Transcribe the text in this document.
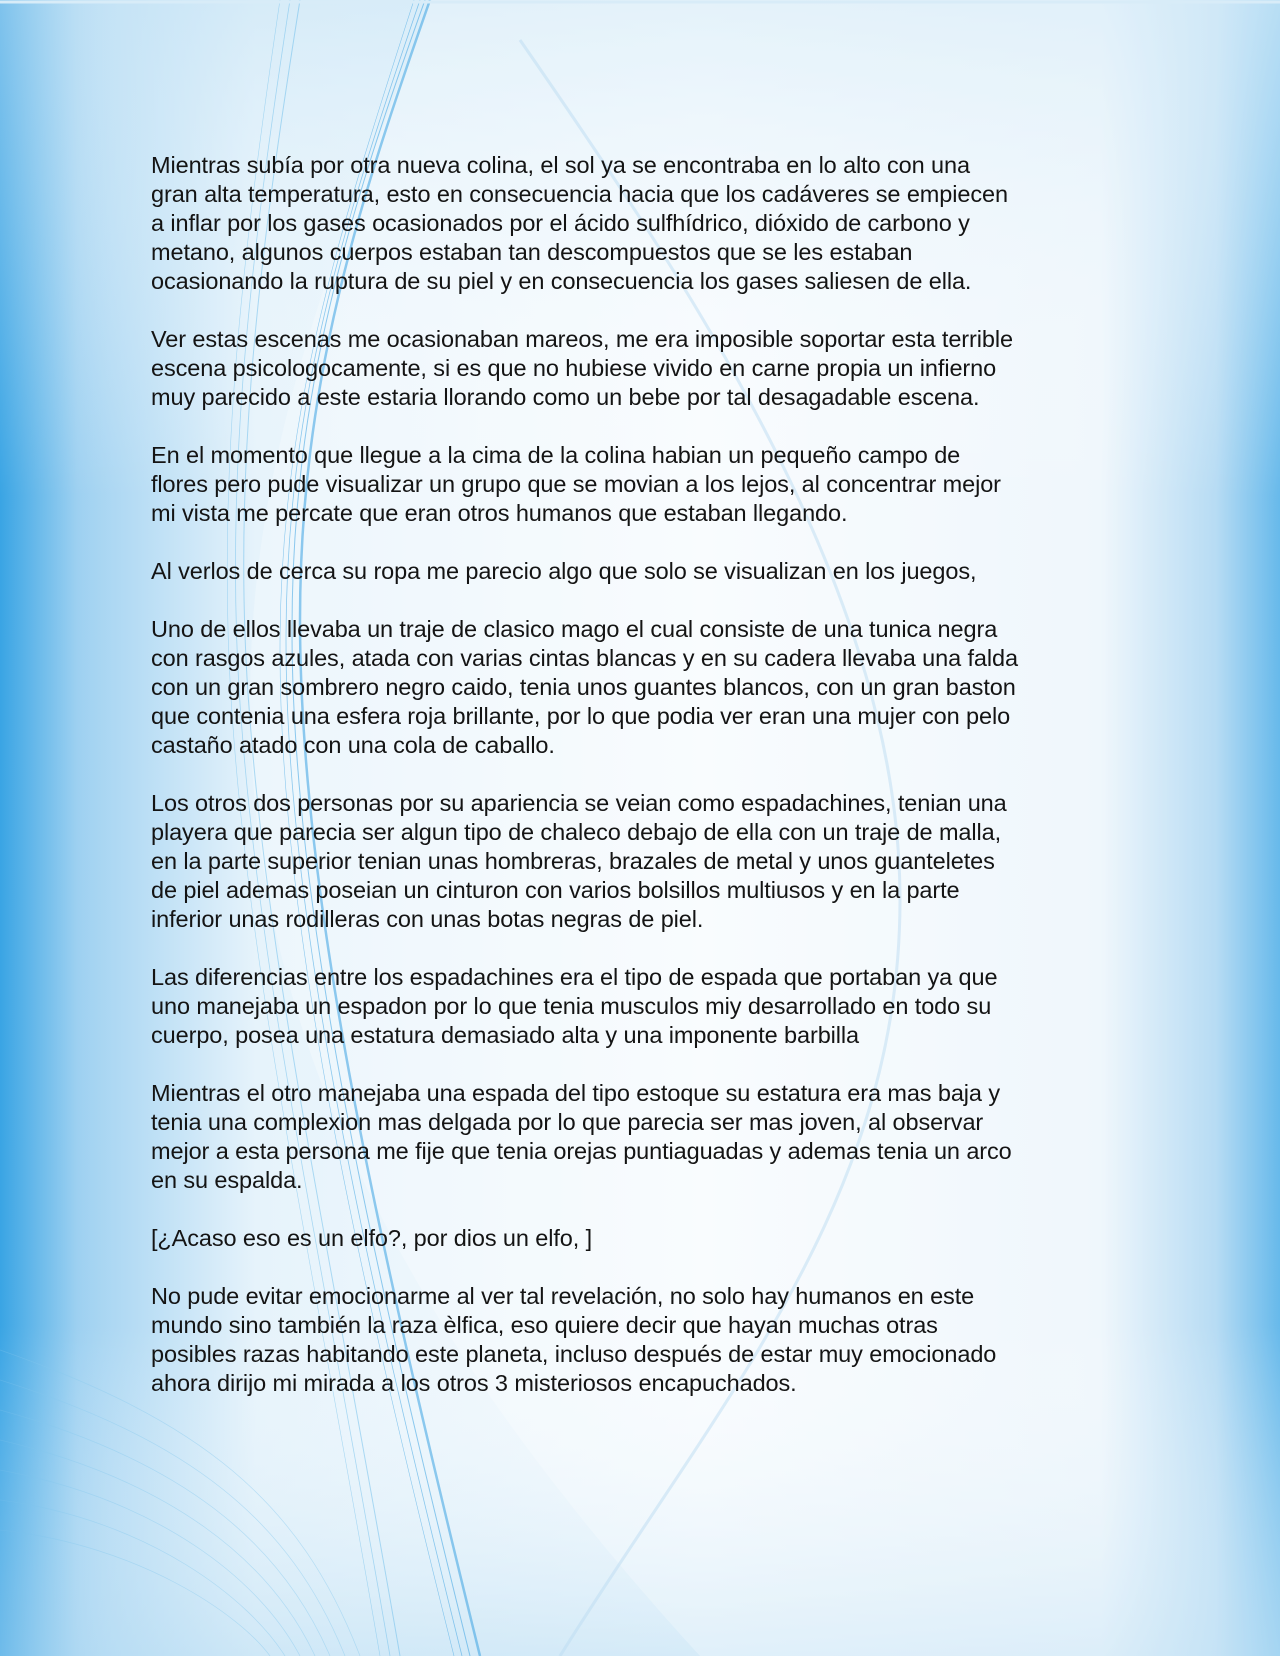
Mientras subía por otra nueva colina, el sol ya se encontraba en lo alto con una
gran alta temperatura, esto en consecuencia hacia que los cadáveres se empiecen
a inflar por los gases ocasionados por el ácido sulfhídrico, dióxido de carbono y
metano, algunos cuerpos estaban tan descompuestos que se les estaban
ocasionando la ruptura de su piel y en consecuencia los gases saliesen de ella.

Ver estas escenas me ocasionaban mareos, me era imposible soportar esta terrible
escena psicologocamente, si es que no hubiese vivido en carne propia un infierno
muy parecido a este estaria llorando como un bebe por tal desagadable escena.

En el momento que llegue a la cima de la colina habian un pequeño campo de
flores pero pude visualizar un grupo que se movian a los lejos, al concentrar mejor
mi vista me percate que eran otros humanos que estaban llegando.

Al verlos de cerca su ropa me parecio algo que solo se visualizan en los juegos,

Uno de ellos llevaba un traje de clasico mago el cual consiste de una tunica negra
con rasgos azules, atada con varias cintas blancas y en su cadera llevaba una falda
con un gran sombrero negro caido, tenia unos guantes blancos, con un gran baston
que contenia una esfera roja brillante, por lo que podia ver eran una mujer con pelo
castaño atado con una cola de caballo.

Los otros dos personas por su apariencia se veian como espadachines, tenian una
playera que parecia ser algun tipo de chaleco debajo de ella con un traje de malla,
en la parte superior tenian unas hombreras, brazales de metal y unos guanteletes
de piel ademas poseian un cinturon con varios bolsillos multiusos y en la parte
inferior unas rodilleras con unas botas negras de piel.

Las diferencias entre los espadachines era el tipo de espada que portaban ya que
uno manejaba un espadon por lo que tenia musculos miy desarrollado en todo su
cuerpo, posea una estatura demasiado alta y una imponente barbilla

Mientras el otro manejaba una espada del tipo estoque su estatura era mas baja y
tenia una complexion mas delgada por lo que parecia ser mas joven, al observar
mejor a esta persona me fije que tenia orejas puntiaguadas y ademas tenia un arco
en su espalda.

[¿Acaso eso es un elfo?, por dios un elfo, ]

No pude evitar emocionarme al ver tal revelación, no solo hay humanos en este
mundo sino también la raza èlfica, eso quiere decir que hayan muchas otras
posibles razas habitando este planeta, incluso después de estar muy emocionado
ahora dirijo mi mirada a los otros 3 misteriosos encapuchados.
